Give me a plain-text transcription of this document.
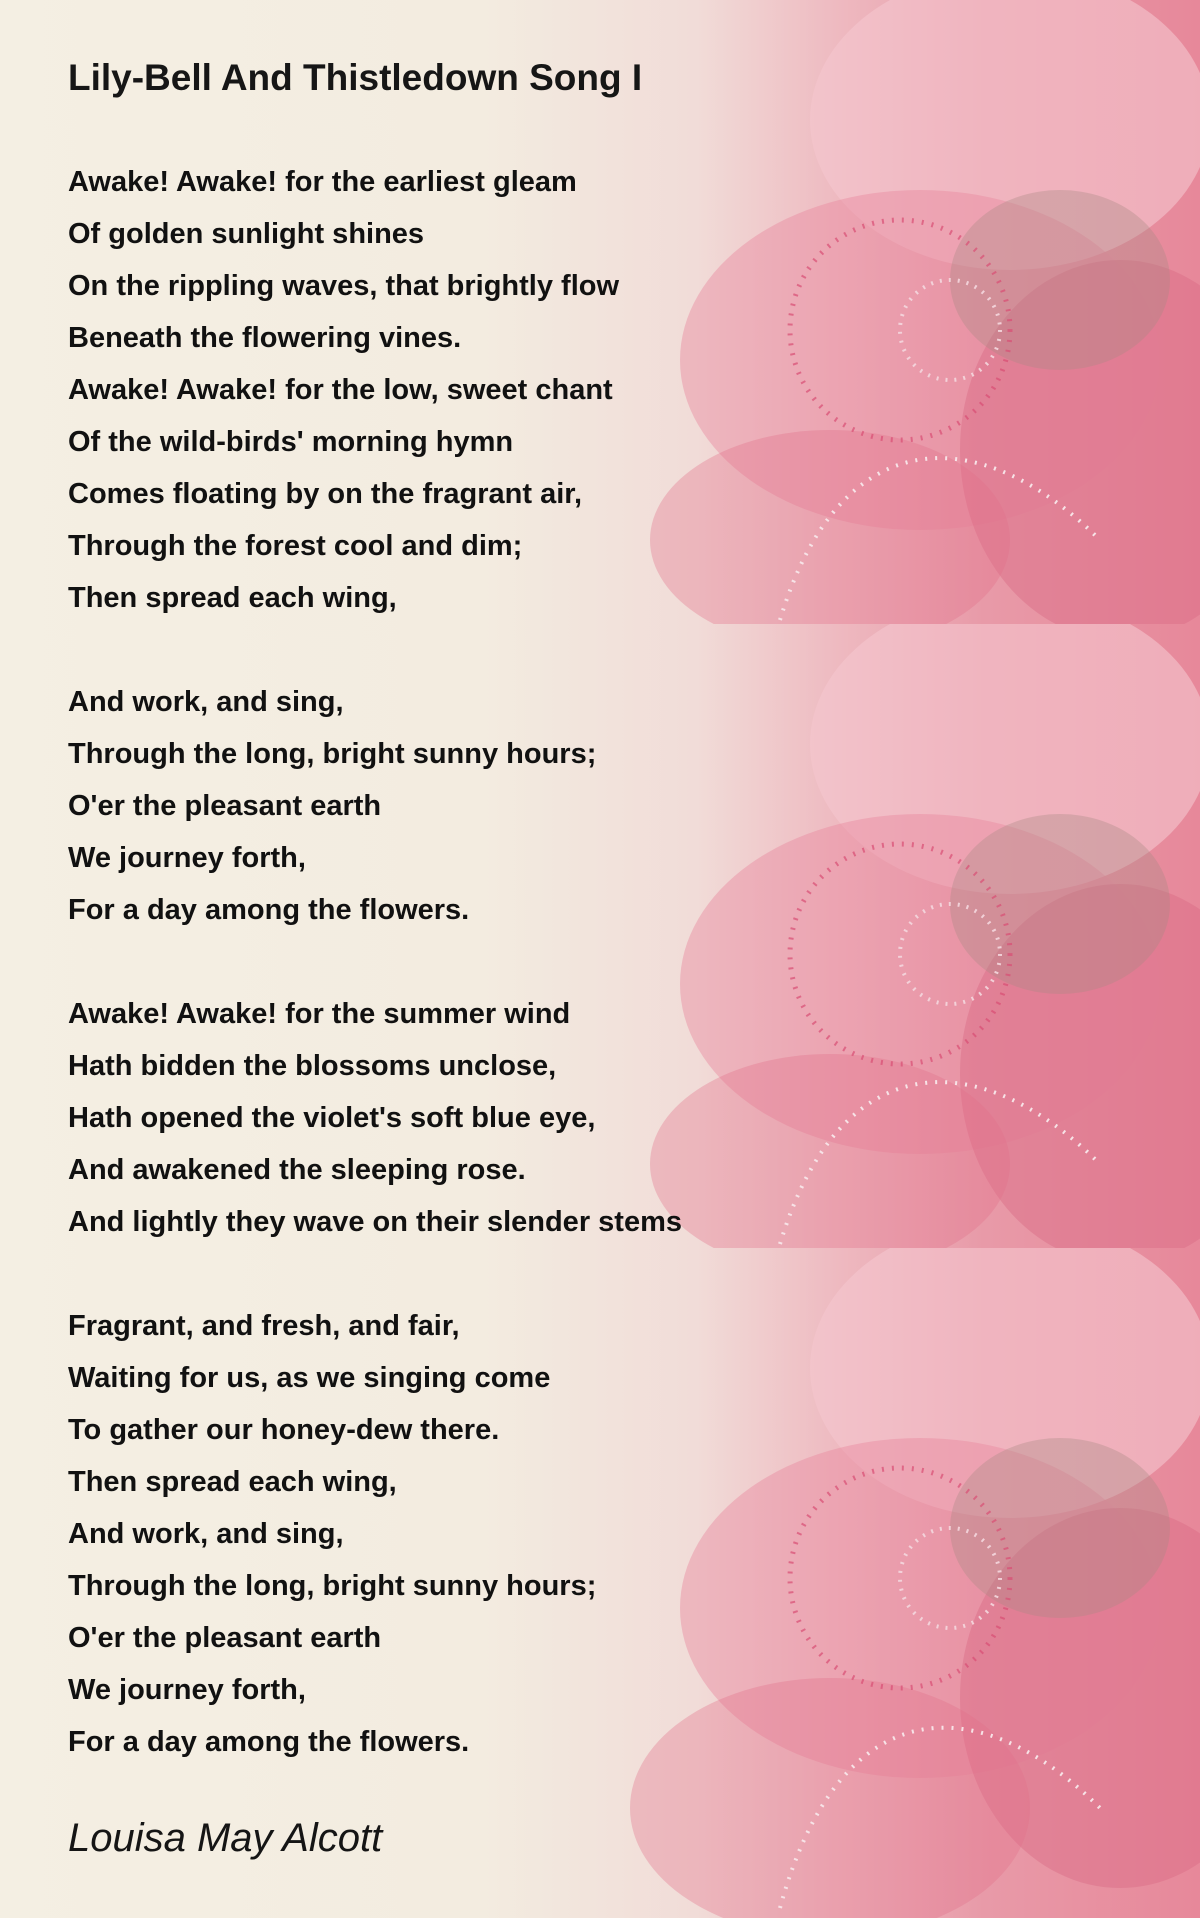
Lily-Bell And Thistledown Song I

Awake! Awake! for the earliest gleam

Of golden sunlight shines

On the rippling waves, that brightly flow

Beneath the flowering vines.

Awake! Awake! for the low, sweet chant

Of the wild-birds' morning hymn

Comes floating by on the fragrant air,

Through the forest cool and dim;

Then spread each wing,

And work, and sing,

Through the long, bright sunny hours;

O'er the pleasant earth

We journey forth,

For a day among the flowers.

Awake! Awake! for the summer wind

Hath bidden the blossoms unclose,

Hath opened the violet's soft blue eye,

And awakened the sleeping rose.

And lightly they wave on their slender stems

Fragrant, and fresh, and fair,

Waiting for us, as we singing come

To gather our honey-dew there.

Then spread each wing,

And work, and sing,

Through the long, bright sunny hours;

O'er the pleasant earth

We journey forth,

For a day among the flowers.

Louisa May Alcott
